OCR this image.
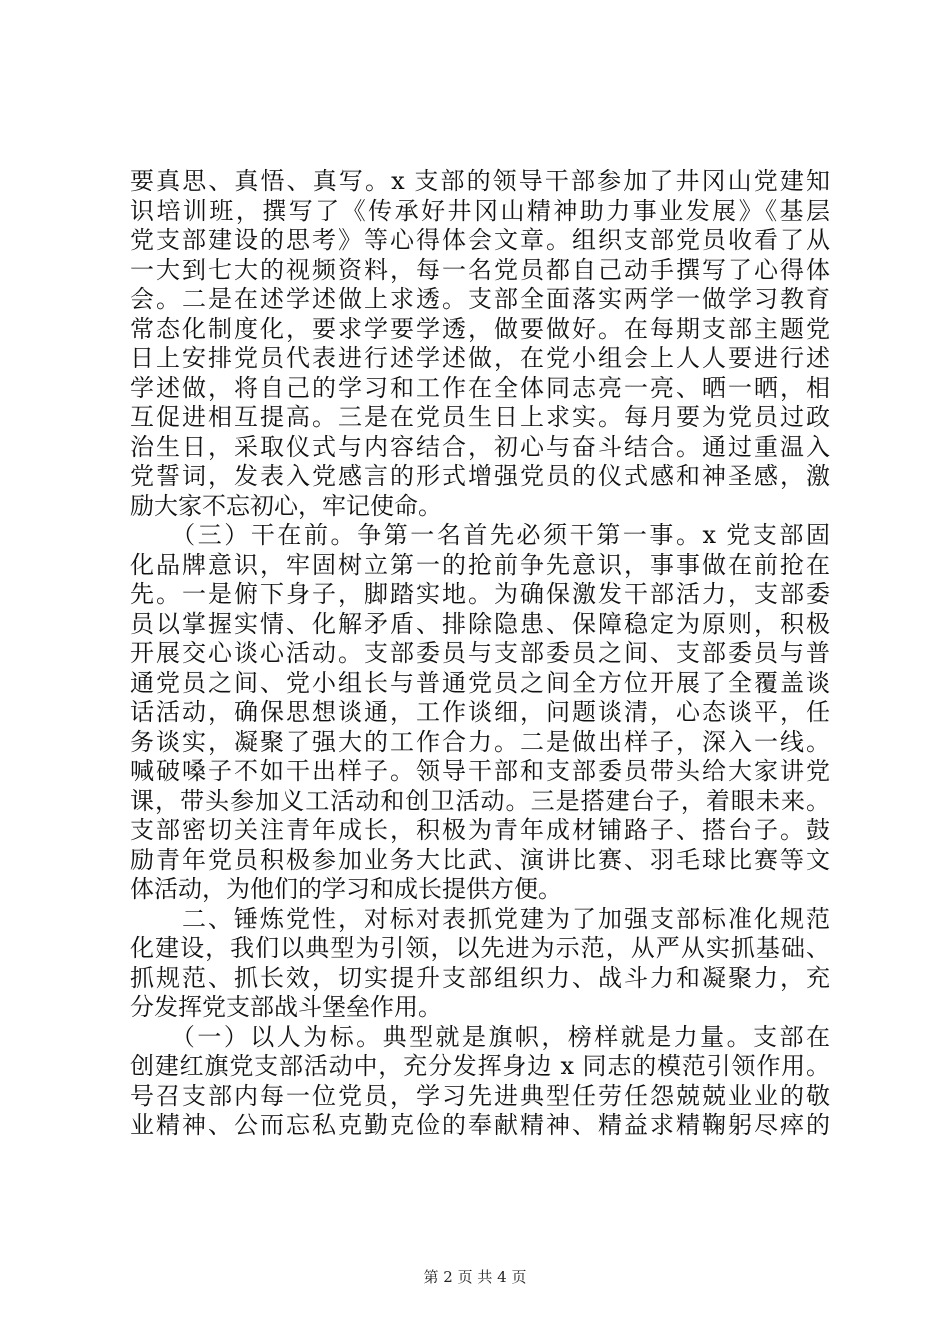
要真思、真悟、真写。x 支部的领导干部参加了井冈山党建知
识培训班，撰写了《传承好井冈山精神助力事业发展》《基层
党支部建设的思考》等心得体会文章。组织支部党员收看了从
一大到七大的视频资料，每一名党员都自己动手撰写了心得体
会。二是在述学述做上求透。支部全面落实两学一做学习教育
常态化制度化，要求学要学透，做要做好。在每期支部主题党
日上安排党员代表进行述学述做，在党小组会上人人要进行述
学述做，将自己的学习和工作在全体同志亮一亮、晒一晒，相
互促进相互提高。三是在党员生日上求实。每月要为党员过政
治生日，采取仪式与内容结合，初心与奋斗结合。通过重温入
党誓词，发表入党感言的形式增强党员的仪式感和神圣感，激
励大家不忘初心，牢记使命。
　　（三）干在前。争第一名首先必须干第一事。x 党支部固
化品牌意识，牢固树立第一的抢前争先意识，事事做在前抢在
先。一是俯下身子，脚踏实地。为确保激发干部活力，支部委
员以掌握实情、化解矛盾、排除隐患、保障稳定为原则，积极
开展交心谈心活动。支部委员与支部委员之间、支部委员与普
通党员之间、党小组长与普通党员之间全方位开展了全覆盖谈
话活动，确保思想谈通，工作谈细，问题谈清，心态谈平，任
务谈实，凝聚了强大的工作合力。二是做出样子，深入一线。
喊破嗓子不如干出样子。领导干部和支部委员带头给大家讲党
课，带头参加义工活动和创卫活动。三是搭建台子，着眼未来。
支部密切关注青年成长，积极为青年成材铺路子、搭台子。鼓
励青年党员积极参加业务大比武、演讲比赛、羽毛球比赛等文
体活动，为他们的学习和成长提供方便。
　　二、锤炼党性，对标对表抓党建为了加强支部标准化规范
化建设，我们以典型为引领，以先进为示范，从严从实抓基础、
抓规范、抓长效，切实提升支部组织力、战斗力和凝聚力，充
分发挥党支部战斗堡垒作用。
　　（一）以人为标。典型就是旗帜，榜样就是力量。支部在
创建红旗党支部活动中，充分发挥身边 x 同志的模范引领作用。
号召支部内每一位党员，学习先进典型任劳任怨兢兢业业的敬
业精神、公而忘私克勤克俭的奉献精神、精益求精鞠躬尽瘁的
第 2 页 共 4 页
